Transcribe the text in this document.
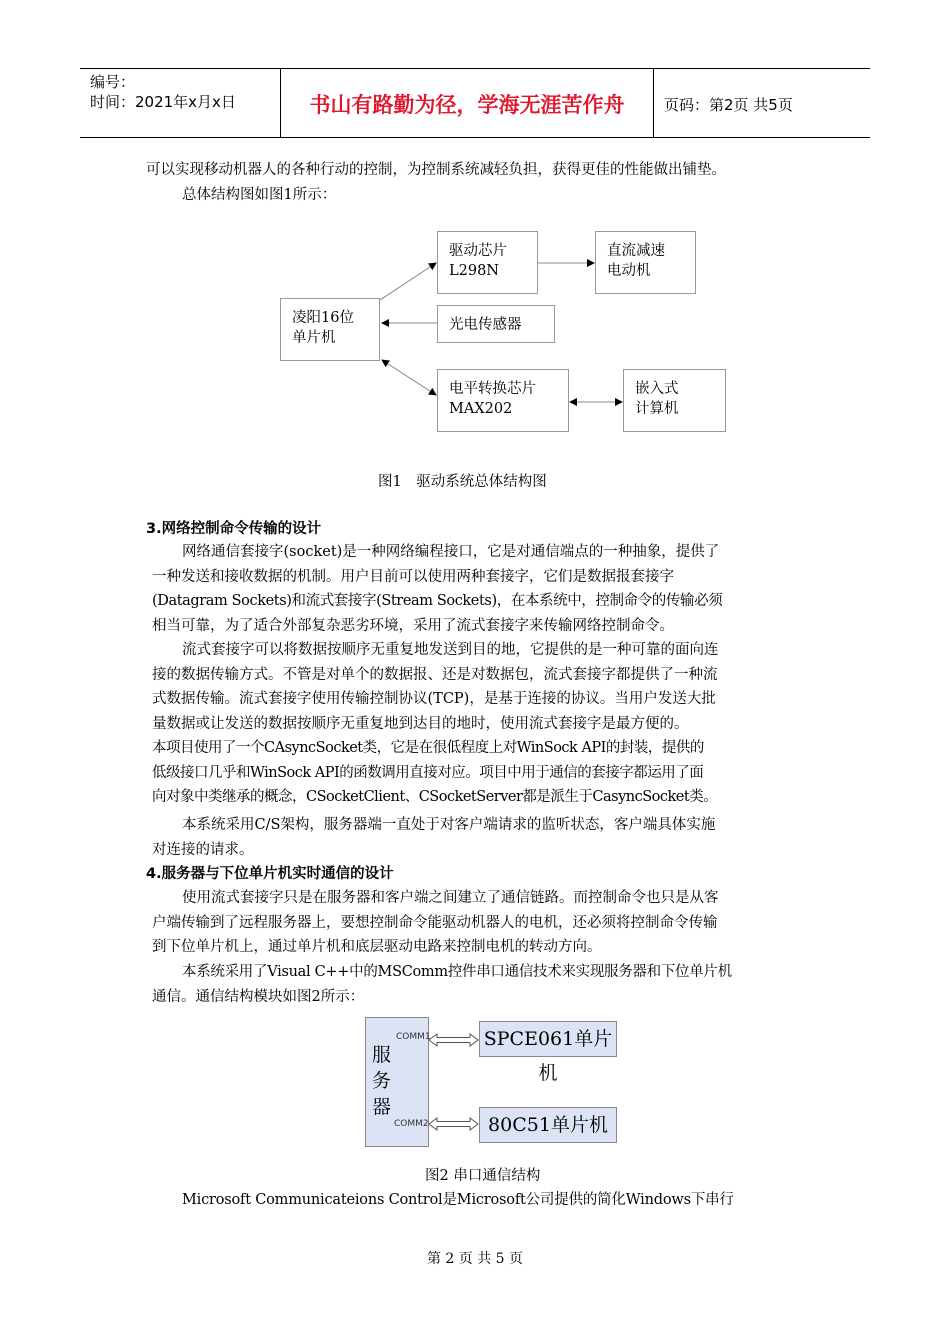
编号：
时间：2021年x月x日	书山有路勤为径，学海无涯苦作舟	页码：第2页 共5页
可以实现移动机器人的各种行动的控制，为控制系统减轻负担，获得更佳的性能做出铺垫。
总体结构图如图1所示：
凌阳16位
单片机
驱动芯片
L298N
直流减速
电动机
光电传感器
电平转换芯片
MAX202
嵌入式
计算机
图1　驱动系统总体结构图
3.网络控制命令传输的设计
网络通信套接字(socket)是一种网络编程接口，它是对通信端点的一种抽象，提供了
一种发送和接收数据的机制。用户目前可以使用两种套接字，它们是数据报套接字
(Datagram Sockets)和流式套接字(Stream Sockets)，在本系统中，控制命令的传输必须
相当可靠，为了适合外部复杂恶劣环境，采用了流式套接字来传输网络控制命令。
流式套接字可以将数据按顺序无重复地发送到目的地，它提供的是一种可靠的面向连
接的数据传输方式。不管是对单个的数据报、还是对数据包，流式套接字都提供了一种流
式数据传输。流式套接字使用传输控制协议(TCP)，是基于连接的协议。当用户发送大批
量数据或让发送的数据按顺序无重复地到达目的地时，使用流式套接字是最方便的。
本项目使用了一个CAsyncSocket类，它是在很低程度上对WinSock API的封装，提供的
低级接口几乎和WinSock API的函数调用直接对应。项目中用于通信的套接字都运用了面
向对象中类继承的概念，CSocketClient、CSocketServer都是派生于CasyncSocket类。
本系统采用C/S架构，服务器端一直处于对客户端请求的监听状态，客户端具体实施
对连接的请求。
4.服务器与下位单片机实时通信的设计
使用流式套接字只是在服务器和客户端之间建立了通信链路。而控制命令也只是从客
户端传输到了远程服务器上，要想控制命令能驱动机器人的电机，还必须将控制命令传输
到下位单片机上，通过单片机和底层驱动电路来控制电机的转动方向。
本系统采用了Visual C++中的MSComm控件串口通信技术来实现服务器和下位单片机
通信。通信结构模块如图2所示：
服务器
COMM1
COMM2
SPCE061单片机
80C51单片机
图2 串口通信结构
Microsoft Communicateions Control是Microsoft公司提供的简化Windows下串行
第 2 页 共 5 页
